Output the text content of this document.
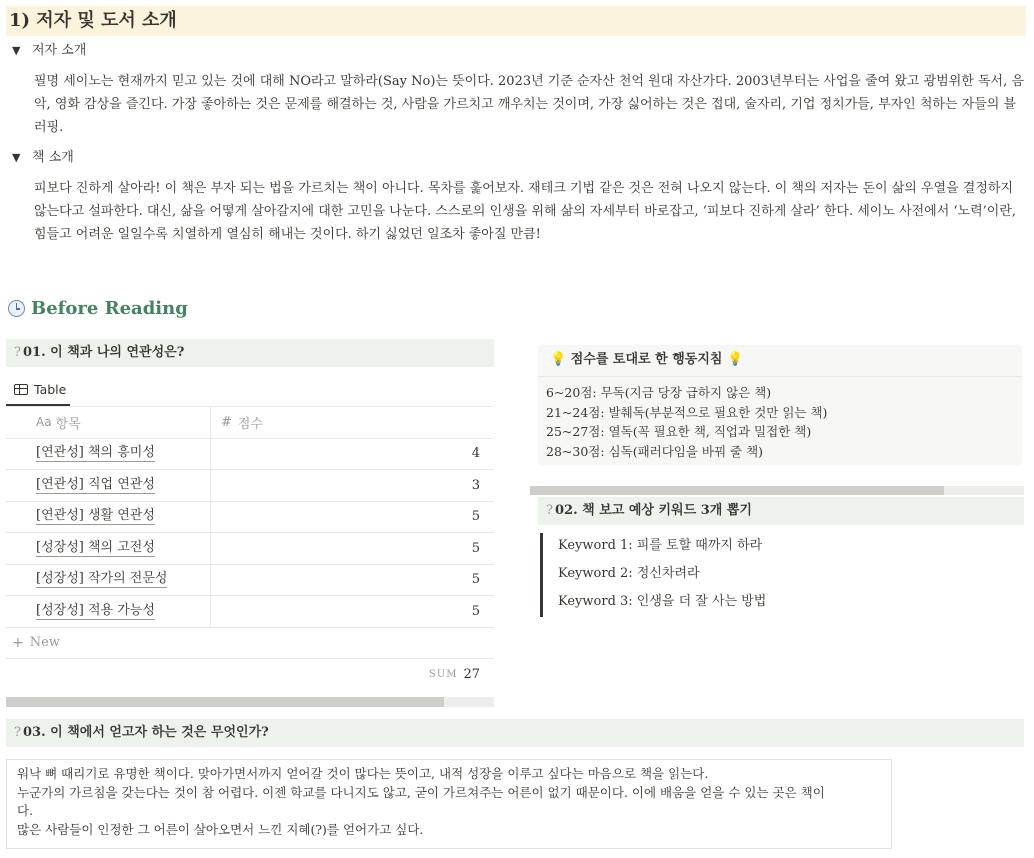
1) 저자 및 도서 소개
▼ 저자 소개
필명 세이노는 현재까지 믿고 있는 것에 대해 NO라고 말하라(Say No)는 뜻이다. 2023년 기준 순자산 천억 원대 자산가다. 2003년부터는 사업을 줄여 왔고 광범위한 독서, 음악, 영화 감상을 즐긴다. 가장 좋아하는 것은 문제를 해결하는 것, 사람을 가르치고 깨우치는 것이며, 가장 싫어하는 것은 접대, 술자리, 기업 정치가들, 부자인 척하는 자들의 블러핑.
▼ 책 소개
피보다 진하게 살아라! 이 책은 부자 되는 법을 가르치는 책이 아니다. 목차를 훑어보자. 재테크 기법 같은 것은 전혀 나오지 않는다. 이 책의 저자는 돈이 삶의 우열을 결정하지 않는다고 설파한다. 대신, 삶을 어떻게 살아갈지에 대한 고민을 나눈다. 스스로의 인생을 위해 삶의 자세부터 바로잡고, ‘피보다 진하게 살라’ 한다. 세이노 사전에서 ‘노력’이란, 힘들고 어려운 일일수록 치열하게 열심히 해내는 것이다. 하기 싫었던 일조차 좋아질 만큼!
Before Reading
? 01. 이 책과 나의 연관성은?
Table
Aa 항목	# 점수
[연관성] 책의 흥미성	4
[연관성] 직업 연관성	3
[연관성] 생활 연관성	5
[성장성] 책의 고전성	5
[성장성] 작가의 전문성	5
[성장성] 적용 가능성	5
+ New
SUM 27
💡 점수를 토대로 한 행동지침 💡
6~20점: 무독(지금 당장 급하지 않은 책)
21~24점: 발췌독(부분적으로 필요한 것만 읽는 책)
25~27점: 열독(꼭 필요한 책, 직업과 밀접한 책)
28~30점: 심독(패러다임을 바꿔 줄 책)
? 02. 책 보고 예상 키워드 3개 뽑기
Keyword 1: 피를 토할 때까지 하라
Keyword 2: 정신차려라
Keyword 3: 인생을 더 잘 사는 방법
? 03. 이 책에서 얻고자 하는 것은 무엇인가?
워낙 뼈 때리기로 유명한 책이다. 맞아가면서까지 얻어갈 것이 많다는 뜻이고, 내적 성장을 이루고 싶다는 마음으로 책을 읽는다.
누군가의 가르침을 갖는다는 것이 참 어렵다. 이젠 학교를 다니지도 않고, 굳이 가르쳐주는 어른이 없기 때문이다. 이에 배움을 얻을 수 있는 곳은 책이
다.
많은 사람들이 인정한 그 어른이 살아오면서 느낀 지혜(?)를 얻어가고 싶다.
